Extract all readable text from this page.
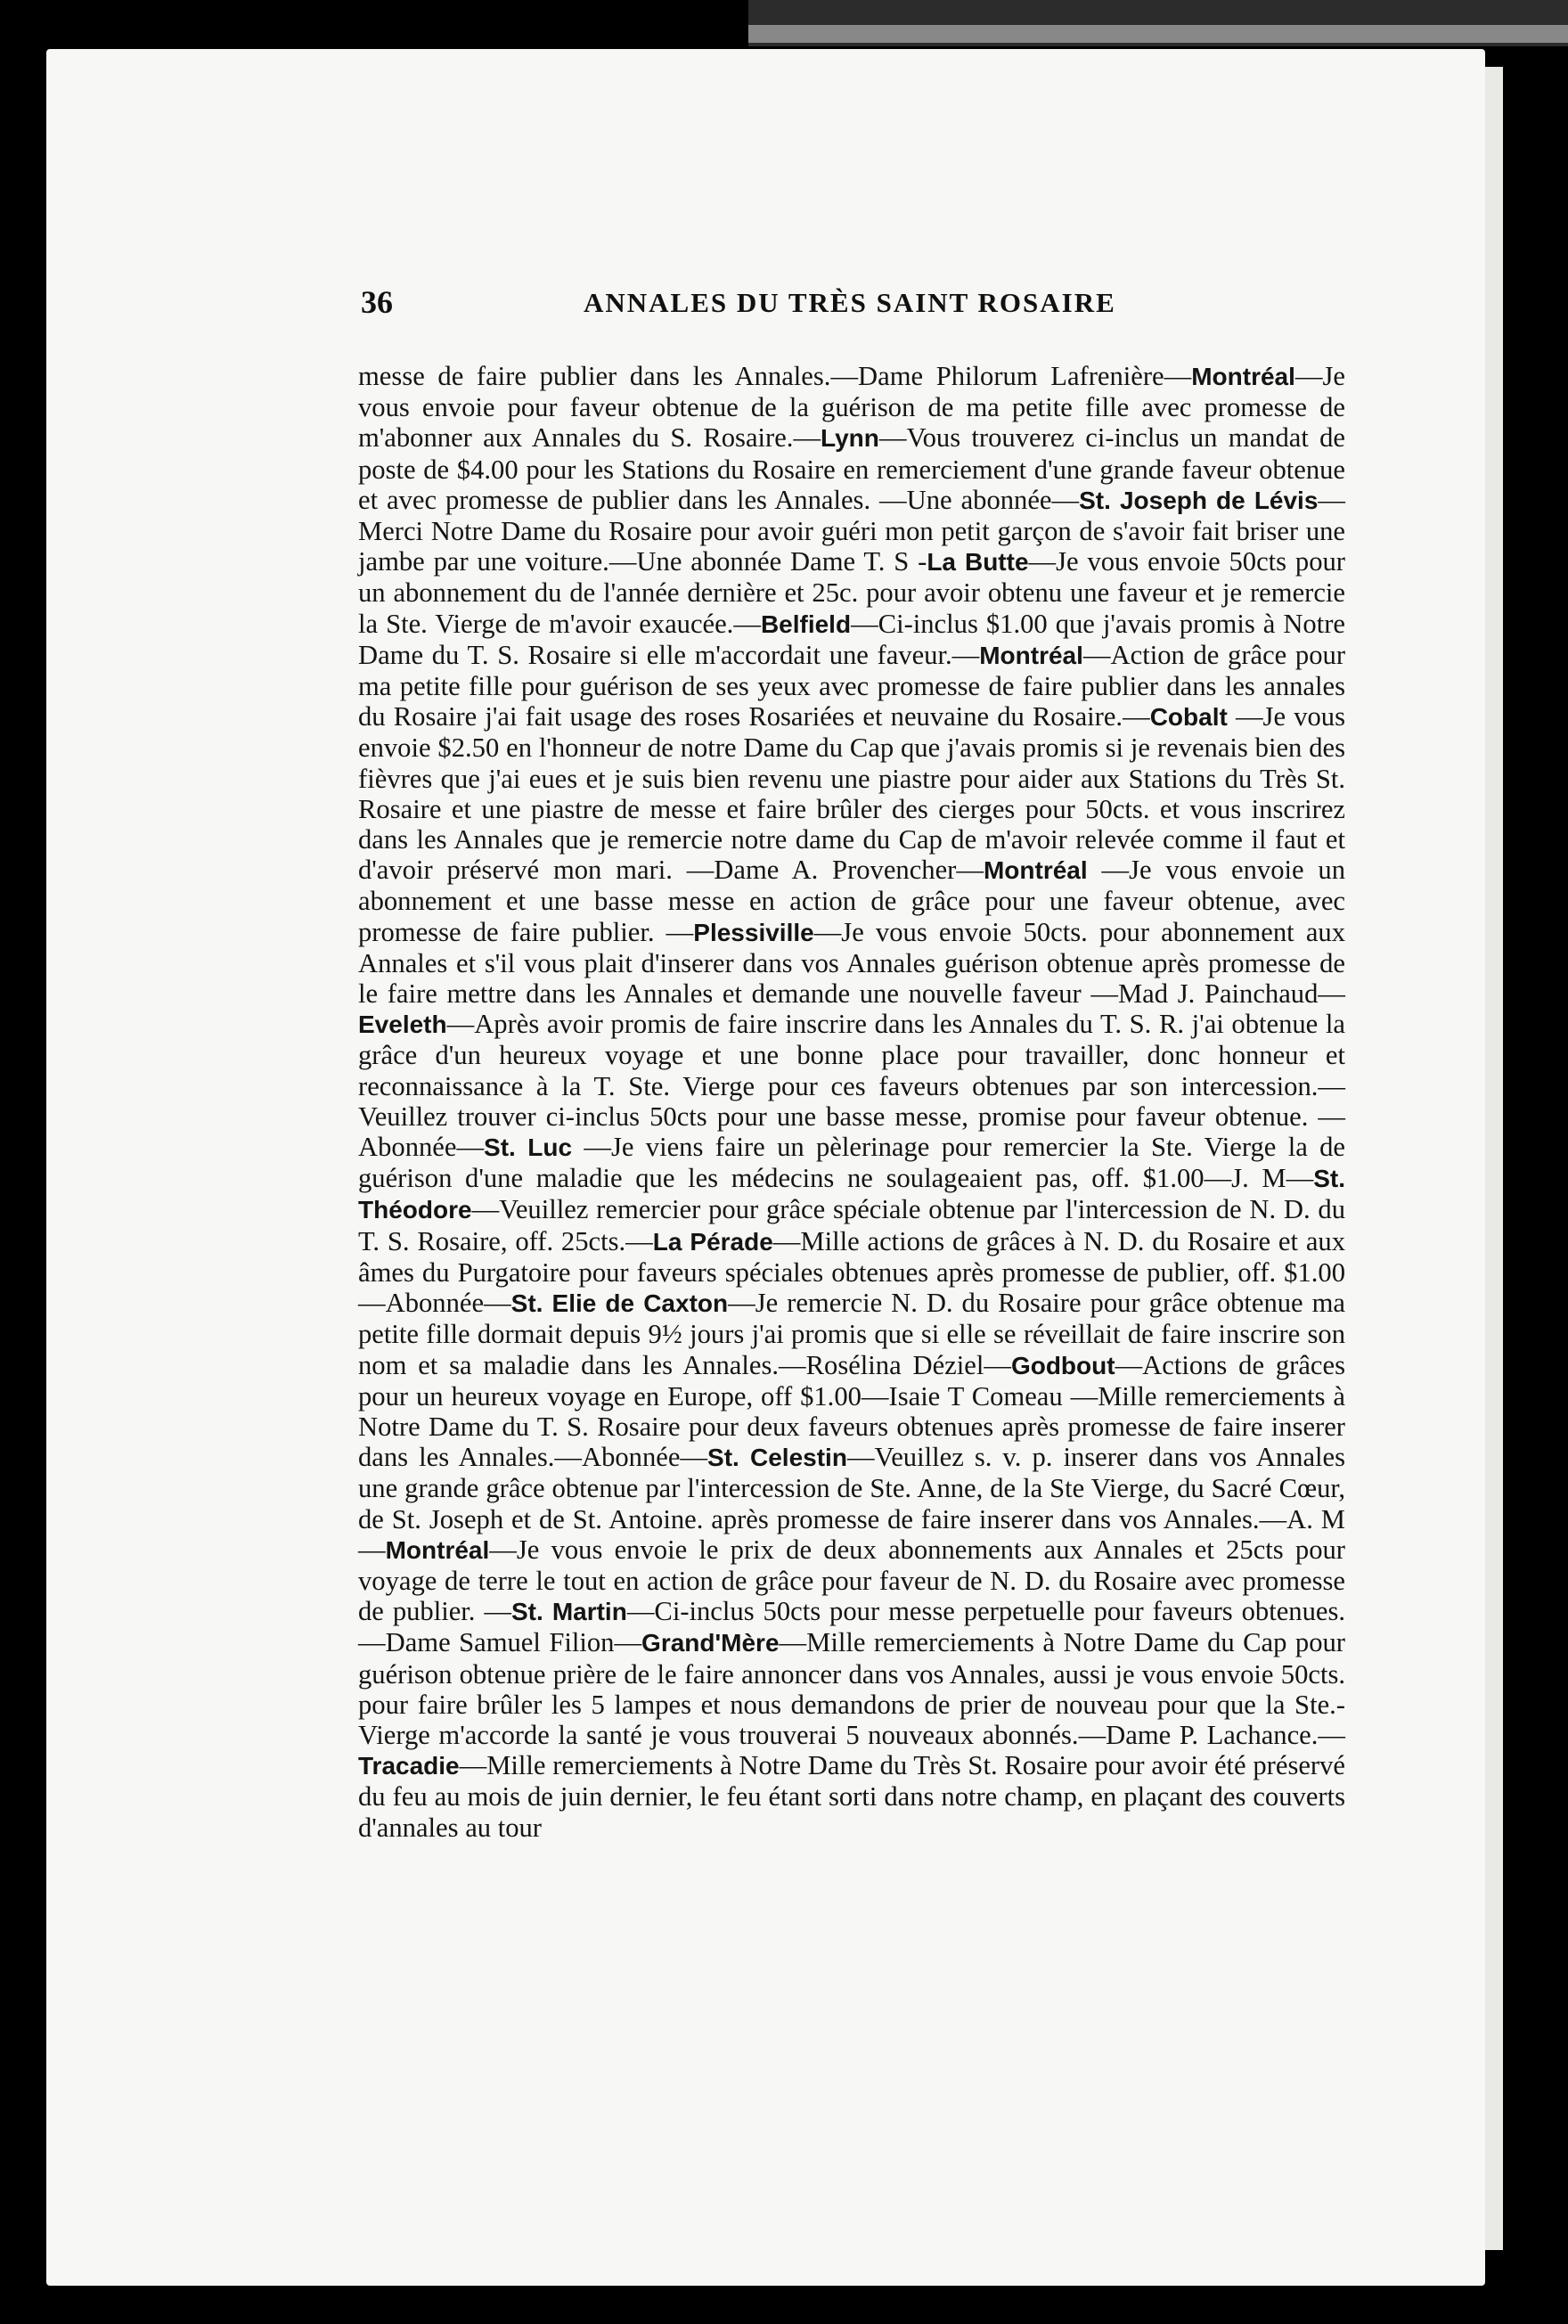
36	ANNALES DU TRÈS SAINT ROSAIRE

messe de faire publier dans les Annales.—Dame Philorum Lafrenière—Montréal—Je vous envoie pour faveur obtenue de la guérison de ma petite fille avec promesse de m'abonner aux Annales du S. Rosaire.—Lynn—Vous trouverez ci-inclus un mandat de poste de $4.00 pour les Stations du Rosaire en remerciement d'une grande faveur obtenue et avec promesse de publier dans les Annales. —Une abonnée—St. Joseph de Lévis— Merci Notre Dame du Rosaire pour avoir guéri mon petit garçon de s'avoir fait briser une jambe par une voiture.—Une abonnée Dame T. S -La Butte—Je vous envoie 50cts pour un abonnement du de l'année dernière et 25c. pour avoir obtenu une faveur et je remercie la Ste. Vierge de m'avoir exaucée.—Belfield—Ci-inclus $1.00 que j'avais promis à Notre Dame du T. S. Rosaire si elle m'accordait une faveur.—Montréal—Action de grâce pour ma petite fille pour guérison de ses yeux avec promesse de faire publier dans les annales du Rosaire j'ai fait usage des roses Rosariées et neuvaine du Rosaire.—Cobalt —Je vous envoie $2.50 en l'honneur de notre Dame du Cap que j'avais promis si je revenais bien des fièvres que j'ai eues et je suis bien revenu une piastre pour aider aux Stations du Très St. Rosaire et une piastre de messe et faire brûler des cierges pour 50cts. et vous inscrirez dans les Annales que je remercie notre dame du Cap de m'avoir relevée comme il faut et d'avoir préservé mon mari. —Dame A. Provencher—Montréal —Je vous envoie un abonnement et une basse messe en action de grâce pour une faveur obtenue, avec promesse de faire publier. —Plessiville—Je vous envoie 50cts. pour abonnement aux Annales et s'il vous plait d'inserer dans vos Annales guérison obtenue après promesse de le faire mettre dans les Annales et demande une nouvelle faveur —Mad J. Painchaud—Eveleth—Après avoir promis de faire inscrire dans les Annales du T. S. R. j'ai obtenue la grâce d'un heureux voyage et une bonne place pour travailler, donc honneur et reconnaissance à la T. Ste. Vierge pour ces faveurs obtenues par son intercession.—Veuillez trouver ci-inclus 50cts pour une basse messe, promise pour faveur obtenue. —Abonnée—St. Luc —Je viens faire un pèlerinage pour remercier la Ste. Vierge la de guérison d'une maladie que les médecins ne soulageaient pas, off. $1.00—J. M—St. Théodore—Veuillez remercier pour grâce spéciale obtenue par l'intercession de N. D. du T. S. Rosaire, off. 25cts.—La Pérade—Mille actions de grâces à N. D. du Rosaire et aux âmes du Purgatoire pour faveurs spéciales obtenues après promesse de publier, off. $1.00 —Abonnée—St. Elie de Caxton—Je remercie N. D. du Rosaire pour grâce obtenue ma petite fille dormait depuis 9½ jours j'ai promis que si elle se réveillait de faire inscrire son nom et sa maladie dans les Annales.—Rosélina Déziel—Godbout—Actions de grâces pour un heureux voyage en Europe, off $1.00—Isaie T Comeau —Mille remerciements à Notre Dame du T. S. Rosaire pour deux faveurs obtenues après promesse de faire inserer dans les Annales.—Abonnée—St. Celestin—Veuillez s. v. p. inserer dans vos Annales une grande grâce obtenue par l'intercession de Ste. Anne, de la Ste Vierge, du Sacré Cœur, de St. Joseph et de St. Antoine. après promesse de faire inserer dans vos Annales.—A. M —Montréal—Je vous envoie le prix de deux abonnements aux Annales et 25cts pour voyage de terre le tout en action de grâce pour faveur de N. D. du Rosaire avec promesse de publier. —St. Martin—Ci-inclus 50cts pour messe perpetuelle pour faveurs obtenues.—Dame Samuel Filion—Grand'Mère—Mille remerciements à Notre Dame du Cap pour guérison obtenue prière de le faire annoncer dans vos Annales, aussi je vous envoie 50cts. pour faire brûler les 5 lampes et nous demandons de prier de nouveau pour que la Ste.-Vierge m'accorde la santé je vous trouverai 5 nouveaux abonnés.—Dame P. Lachance.—Tracadie—Mille remerciements à Notre Dame du Très St. Rosaire pour avoir été préservé du feu au mois de juin dernier, le feu étant sorti dans notre champ, en plaçant des couverts d'annales au tour
